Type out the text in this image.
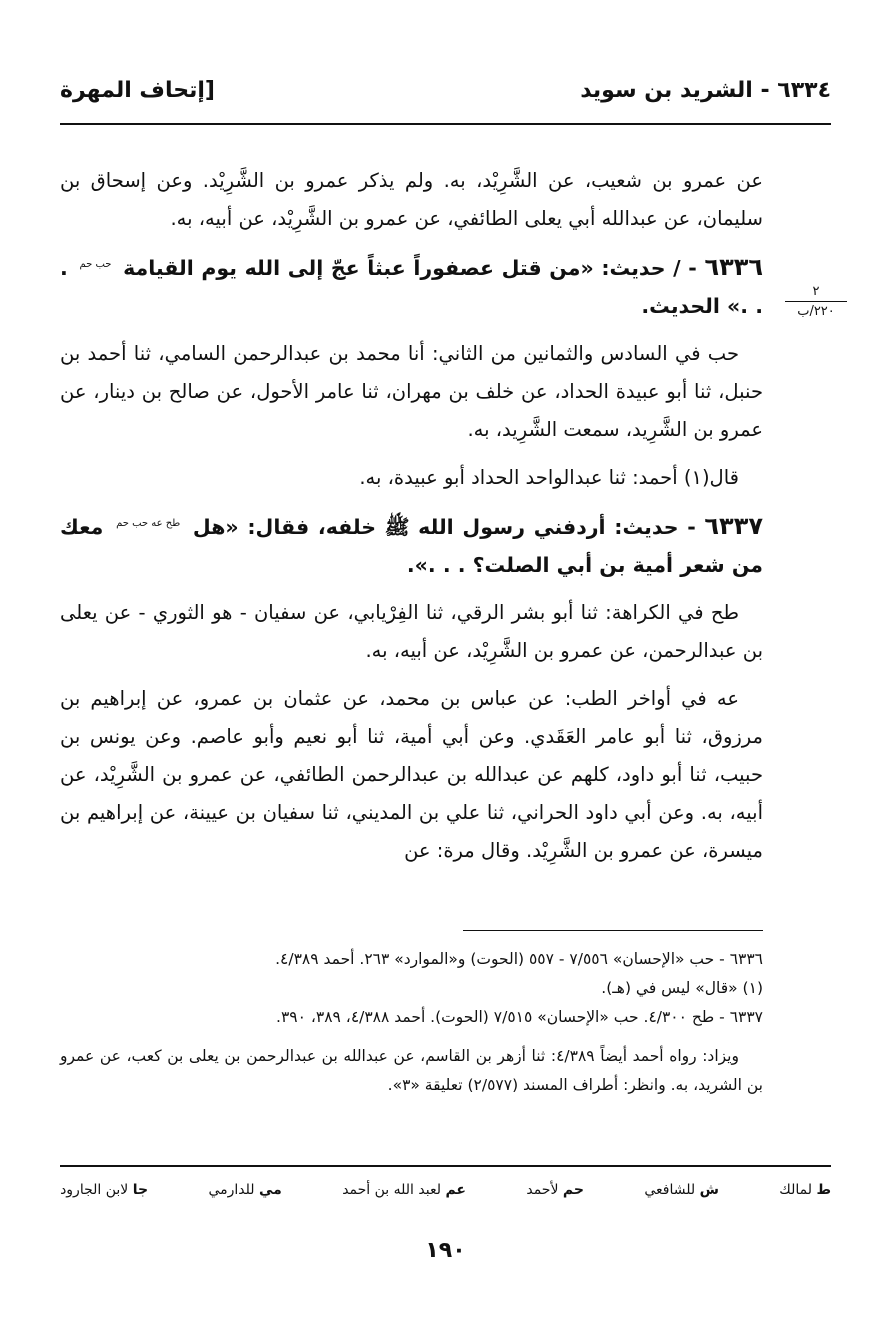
٦٣٣٤ - الشريد بن سويد
[إتحاف المهرة
٢
٢٢٠/ب

عن عمرو بن شعيب، عن الشَّرِيْد، به. ولم يذكر عمرو بن الشَّرِيْد. وعن إسحاق بن سليمان، عن عبدالله أبي يعلى الطائفي، عن عمرو بن الشَّرِيْد، عن أبيه، به.

٦٣٣٦ - / حديث: «من قتل عصفوراً عبثاً عجّ إلى الله يوم القيامة حب حم . . .» الحديث.

حب في السادس والثمانين من الثاني: أنا محمد بن عبدالرحمن السامي، ثنا أحمد بن حنبل، ثنا أبو عبيدة الحداد، عن خلف بن مهران، ثنا عامر الأحول، عن صالح بن دينار، عن عمرو بن الشَّرِيد، سمعت الشَّرِيد، به.

قال(١) أحمد: ثنا عبدالواحد الحداد أبو عبيدة، به.

٦٣٣٧ - حديث: أردفني رسول الله ﷺ خلفه، فقال: «هل طح عه حب حم معك من شعر أمية بن أبي الصلت؟ . . .».

طح في الكراهة: ثنا أبو بشر الرقي، ثنا الفِرْيابي، عن سفيان - هو الثوري - عن يعلى بن عبدالرحمن، عن عمرو بن الشَّرِيْد، عن أبيه، به.

عه في أواخر الطب: عن عباس بن محمد، عن عثمان بن عمرو، عن إبراهيم بن مرزوق، ثنا أبو عامر العَقَدي. وعن أبي أمية، ثنا أبو نعيم وأبو عاصم. وعن يونس بن حبيب، ثنا أبو داود، كلهم عن عبدالله بن عبدالرحمن الطائفي، عن عمرو بن الشَّرِيْد، عن أبيه، به. وعن أبي داود الحراني، ثنا علي بن المديني، ثنا سفيان بن عيينة، عن إبراهيم بن ميسرة، عن عمرو بن الشَّرِيْد. وقال مرة: عن

٦٣٣٦ - حب «الإحسان» ٧/٥٥٦ - ٥٥٧ (الحوت) و«الموارد» ٢٦٣. أحمد ٤/٣٨٩.

(١) «قال» ليس في (هـ).

٦٣٣٧ - طح ٤/٣٠٠. حب «الإحسان» ٧/٥١٥ (الحوت). أحمد ٤/٣٨٨، ٣٨٩، ٣٩٠.

ويزاد: رواه أحمد أيضاً ٤/٣٨٩: ثنا أزهر بن القاسم، عن عبدالله بن عبدالرحمن بن يعلى بن كعب، عن عمرو بن الشريد، به. وانظر: أطراف المسند (٢/٥٧٧) تعليقة «٣».

ط لمالك
ش للشافعي
حم لأحمد
عم لعبد الله بن أحمد
مي للدارمي
جا لابن الجارود
١٩٠
